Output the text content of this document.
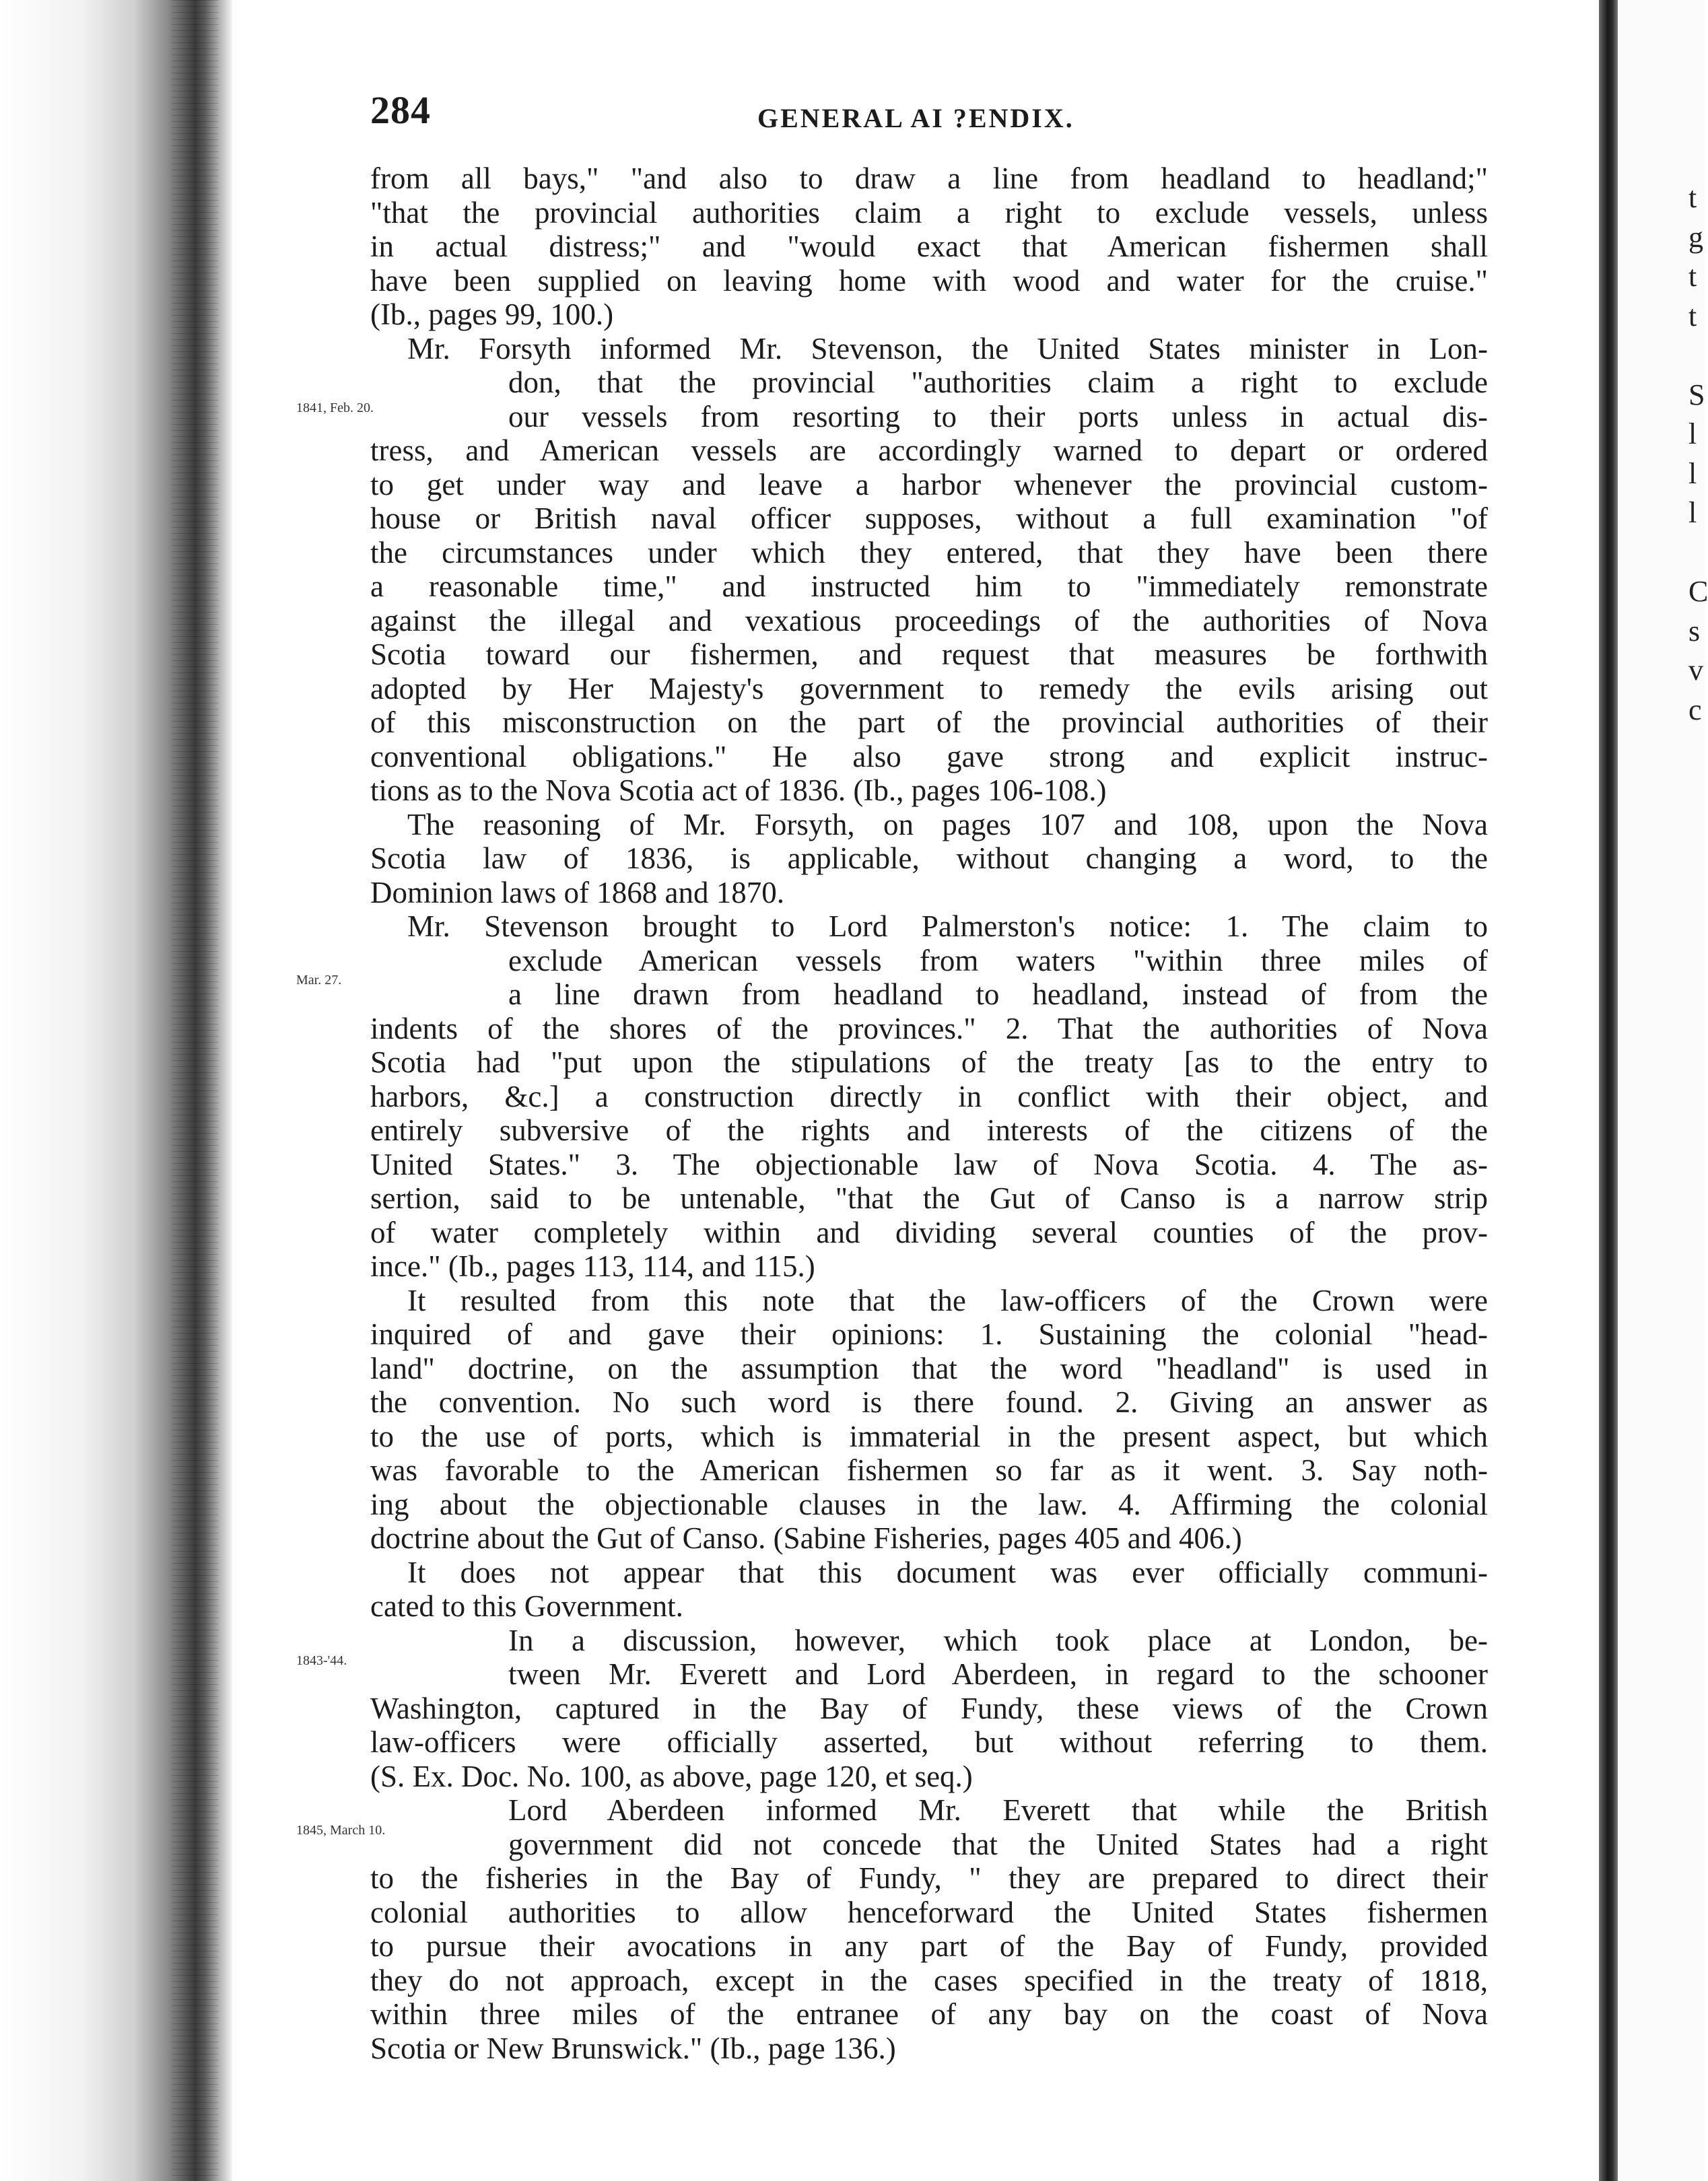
t
g
t
t
S
l
l
l
C
s
v
c
284	GENERAL AI ?ENDIX.
from all bays," "and also to draw a line from headland to headland;"
"that the provincial authorities claim a right to exclude vessels, unless
in actual distress;" and "would exact that American fishermen shall
have been supplied on leaving home with wood and water for the cruise."
(Ib., pages 99, 100.)
1841, Feb. 20.
Mr. Forsyth informed Mr. Stevenson, the United States minister in Lon-
don, that the provincial "authorities claim a right to exclude
our vessels from resorting to their ports unless in actual dis-
tress, and American vessels are accordingly warned to depart or ordered
to get under way and leave a harbor whenever the provincial custom-
house or British naval officer supposes, without a full examination "of
the circumstances under which they entered, that they have been there
a reasonable time," and instructed him to "immediately remonstrate
against the illegal and vexatious proceedings of the authorities of Nova
Scotia toward our fishermen, and request that measures be forthwith
adopted by Her Majesty's government to remedy the evils arising out
of this misconstruction on the part of the provincial authorities of their
conventional obligations." He also gave strong and explicit instruc-
tions as to the Nova Scotia act of 1836. (Ib., pages 106-108.)
The reasoning of Mr. Forsyth, on pages 107 and 108, upon the Nova
Scotia law of 1836, is applicable, without changing a word, to the
Dominion laws of 1868 and 1870.
Mar. 27.
Mr. Stevenson brought to Lord Palmerston's notice: 1. The claim to
exclude American vessels from waters "within three miles of
a line drawn from headland to headland, instead of from the
indents of the shores of the provinces." 2. That the authorities of Nova
Scotia had "put upon the stipulations of the treaty [as to the entry to
harbors, &c.] a construction directly in conflict with their object, and
entirely subversive of the rights and interests of the citizens of the
United States." 3. The objectionable law of Nova Scotia. 4. The as-
sertion, said to be untenable, "that the Gut of Canso is a narrow strip
of water completely within and dividing several counties of the prov-
ince." (Ib., pages 113, 114, and 115.)
It resulted from this note that the law-officers of the Crown were
inquired of and gave their opinions: 1. Sustaining the colonial "head-
land" doctrine, on the assumption that the word "headland" is used in
the convention. No such word is there found. 2. Giving an answer as
to the use of ports, which is immaterial in the present aspect, but which
was favorable to the American fishermen so far as it went. 3. Say noth-
ing about the objectionable clauses in the law. 4. Affirming the colonial
doctrine about the Gut of Canso. (Sabine Fisheries, pages 405 and 406.)
It does not appear that this document was ever officially communi-
cated to this Government.
1843-'44.
In a discussion, however, which took place at London, be-
tween Mr. Everett and Lord Aberdeen, in regard to the schooner
Washington, captured in the Bay of Fundy, these views of the Crown
law-officers were officially asserted, but without referring to them.
(S. Ex. Doc. No. 100, as above, page 120, et seq.)
1845, March 10.
Lord Aberdeen informed Mr. Everett that while the British
government did not concede that the United States had a right
to the fisheries in the Bay of Fundy, " they are prepared to direct their
colonial authorities to allow henceforward the United States fishermen
to pursue their avocations in any part of the Bay of Fundy, provided
they do not approach, except in the cases specified in the treaty of 1818,
within three miles of the entranee of any bay on the coast of Nova
Scotia or New Brunswick." (Ib., page 136.)
